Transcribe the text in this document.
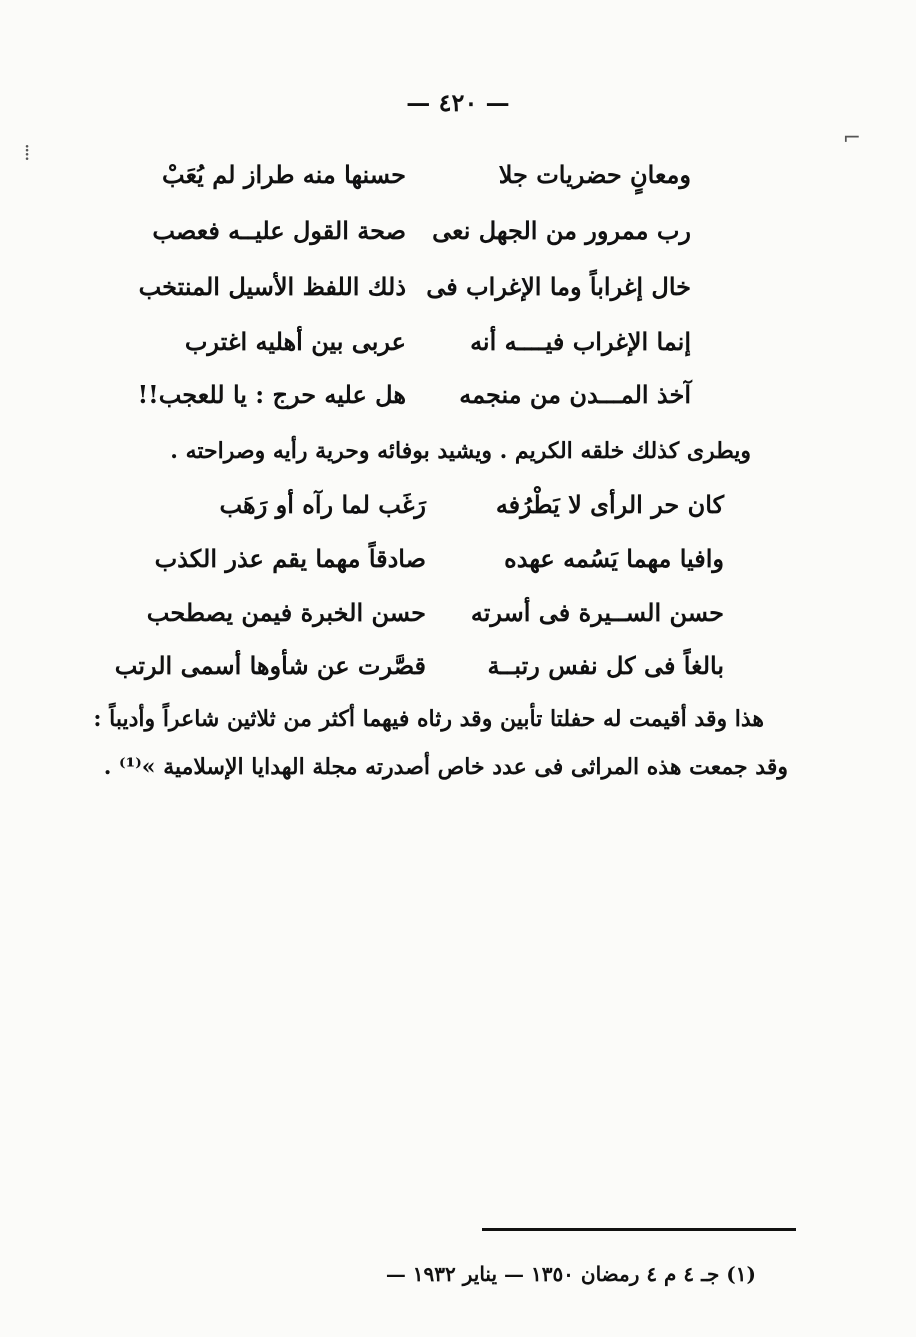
— ٤٢٠ —
ومعانٍ حضريات جلا
حسنها منه طراز لم يُعَبْ
رب ممرور من الجهل نعى
صحة القول عليــه فعصب
خال إغراباً وما الإغراب فى
ذلك اللفظ الأسيل المنتخب
إنما الإغراب فيــــه أنه
عربى بين أهليه اغترب
آخذ المـــدن من منجمه
هل عليه حرج : يا للعجب!!
ويطرى كذلك خلقه الكريم . ويشيد بوفائه وحرية رأيه وصراحته .
كان حر الرأى لا يَطْرُفه
رَغَب لما رآه أو رَهَب
وافيا مهما يَسُمه عهده
صادقاً مهما يقم عذر الكذب
حسن الســيرة فى أسرته
حسن الخبرة فيمن يصطحب
بالغاً فى كل نفس رتبــة
قصَّرت عن شأوها أسمى الرتب
هذا وقد أقيمت له حفلتا تأبين وقد رثاه فيهما أكثر من ثلاثين شاعراً وأديباً :
وقد جمعت هذه المراثى فى عدد خاص أصدرته مجلة الهدايا الإسلامية »⁽¹⁾ .
(١) جـ ٤ م ٤ رمضان ١٣٥٠ — يناير ١٩٣٢ —
⌐
⁞
